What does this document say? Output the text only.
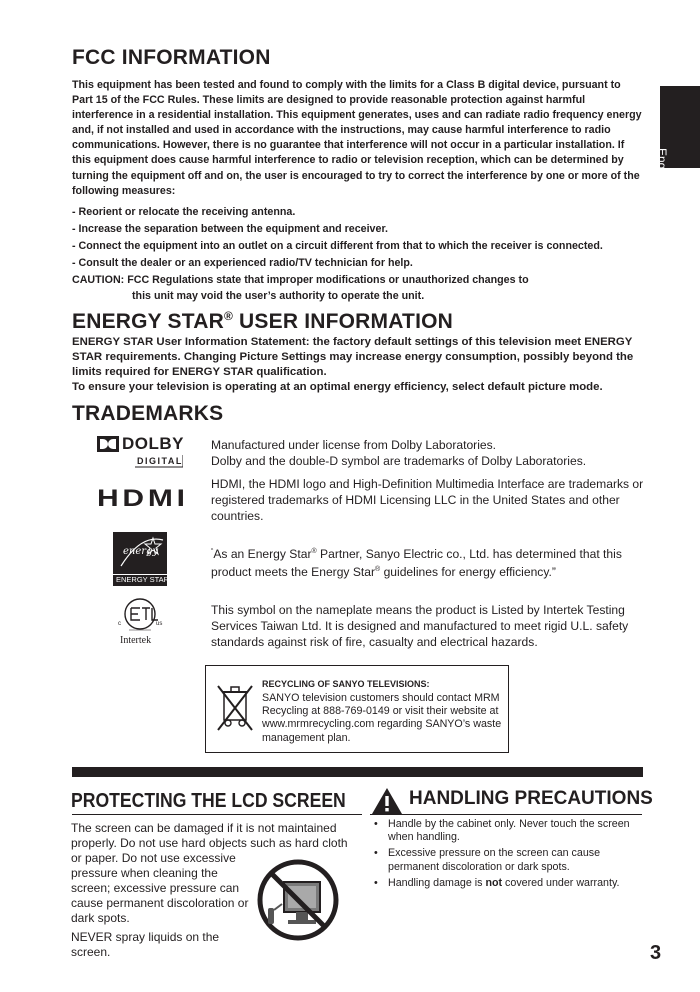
English
FCC INFORMATION

This equipment has been tested and found to comply with the limits for a Class B digital device, pursuant to Part 15 of the FCC Rules. These limits are designed to provide reasonable protection against harmful interference in a residential installation. This equipment generates, uses and can radiate radio frequency energy and, if not installed and used in accordance with the instructions, may cause harmful interference to radio communications. However, there is no guarantee that interference will not occur in a particular installation. If this equipment does cause harmful interference to radio or television reception, which can be determined by turning the equipment off and on, the user is encouraged to try to correct the interference by one or more of the following measures:

- Reorient or relocate the receiving antenna.
- Increase the separation between the equipment and receiver.
- Connect the equipment into an outlet on a circuit different from that to which the receiver is connected.
- Consult the dealer or an experienced radio/TV technician for help.
CAUTION: FCC Regulations state that improper modifications or unauthorized changes to
this unit may void the user’s authority to operate the unit.
ENERGY STAR® USER INFORMATION

ENERGY STAR User Information Statement: the factory default settings of this television meet ENERGY STAR requirements. Changing Picture Settings may increase energy consumption, possibly beyond the limits required for ENERGY STAR qualification.

To ensure your television is operating at an optimal energy efficiency, select default picture mode.

TRADEMARKS
DOLBY
DIGITAL
Manufactured under license from Dolby Laboratories.
Dolby and the double-D symbol are trademarks of Dolby Laboratories.
HDMI
HDMI, the HDMI logo and High-Definition Multimedia Interface are trademarks or registered trademarks of HDMI Licensing LLC in the United States and other countries.
energy
ENERGY STAR
“As an Energy Star® Partner, Sanyo Electric co., Ltd. has determined that this product meets the Energy Star® guidelines for energy efficiency.”
c	us
Intertek
This symbol on the nameplate means the product is Listed by Intertek Testing Services Taiwan Ltd. It is designed and manufactured to meet rigid U.L. safety standards against risk of fire, casualty and electrical hazards.
RECYCLING OF SANYO TELEVISIONS:
SANYO television customers should contact MRM Recycling at 888-769-0149 or visit their website at www.mrmrecycling.com regarding SANYO’s waste management plan.
PROTECTING THE LCD SCREEN
The screen can be damaged if it is not maintained
properly. Do not use hard objects such as hard cloth
or paper. Do not use excessive
pressure when cleaning the
screen; excessive pressure can
cause permanent discoloration or
dark spots.
NEVER spray liquids on the
screen.
HANDLING PRECAUTIONS
• Handle by the cabinet only. Never touch the screen when handling.
• Excessive pressure on the screen can cause permanent discoloration or dark spots.
• Handling damage is not covered under warranty.
3
